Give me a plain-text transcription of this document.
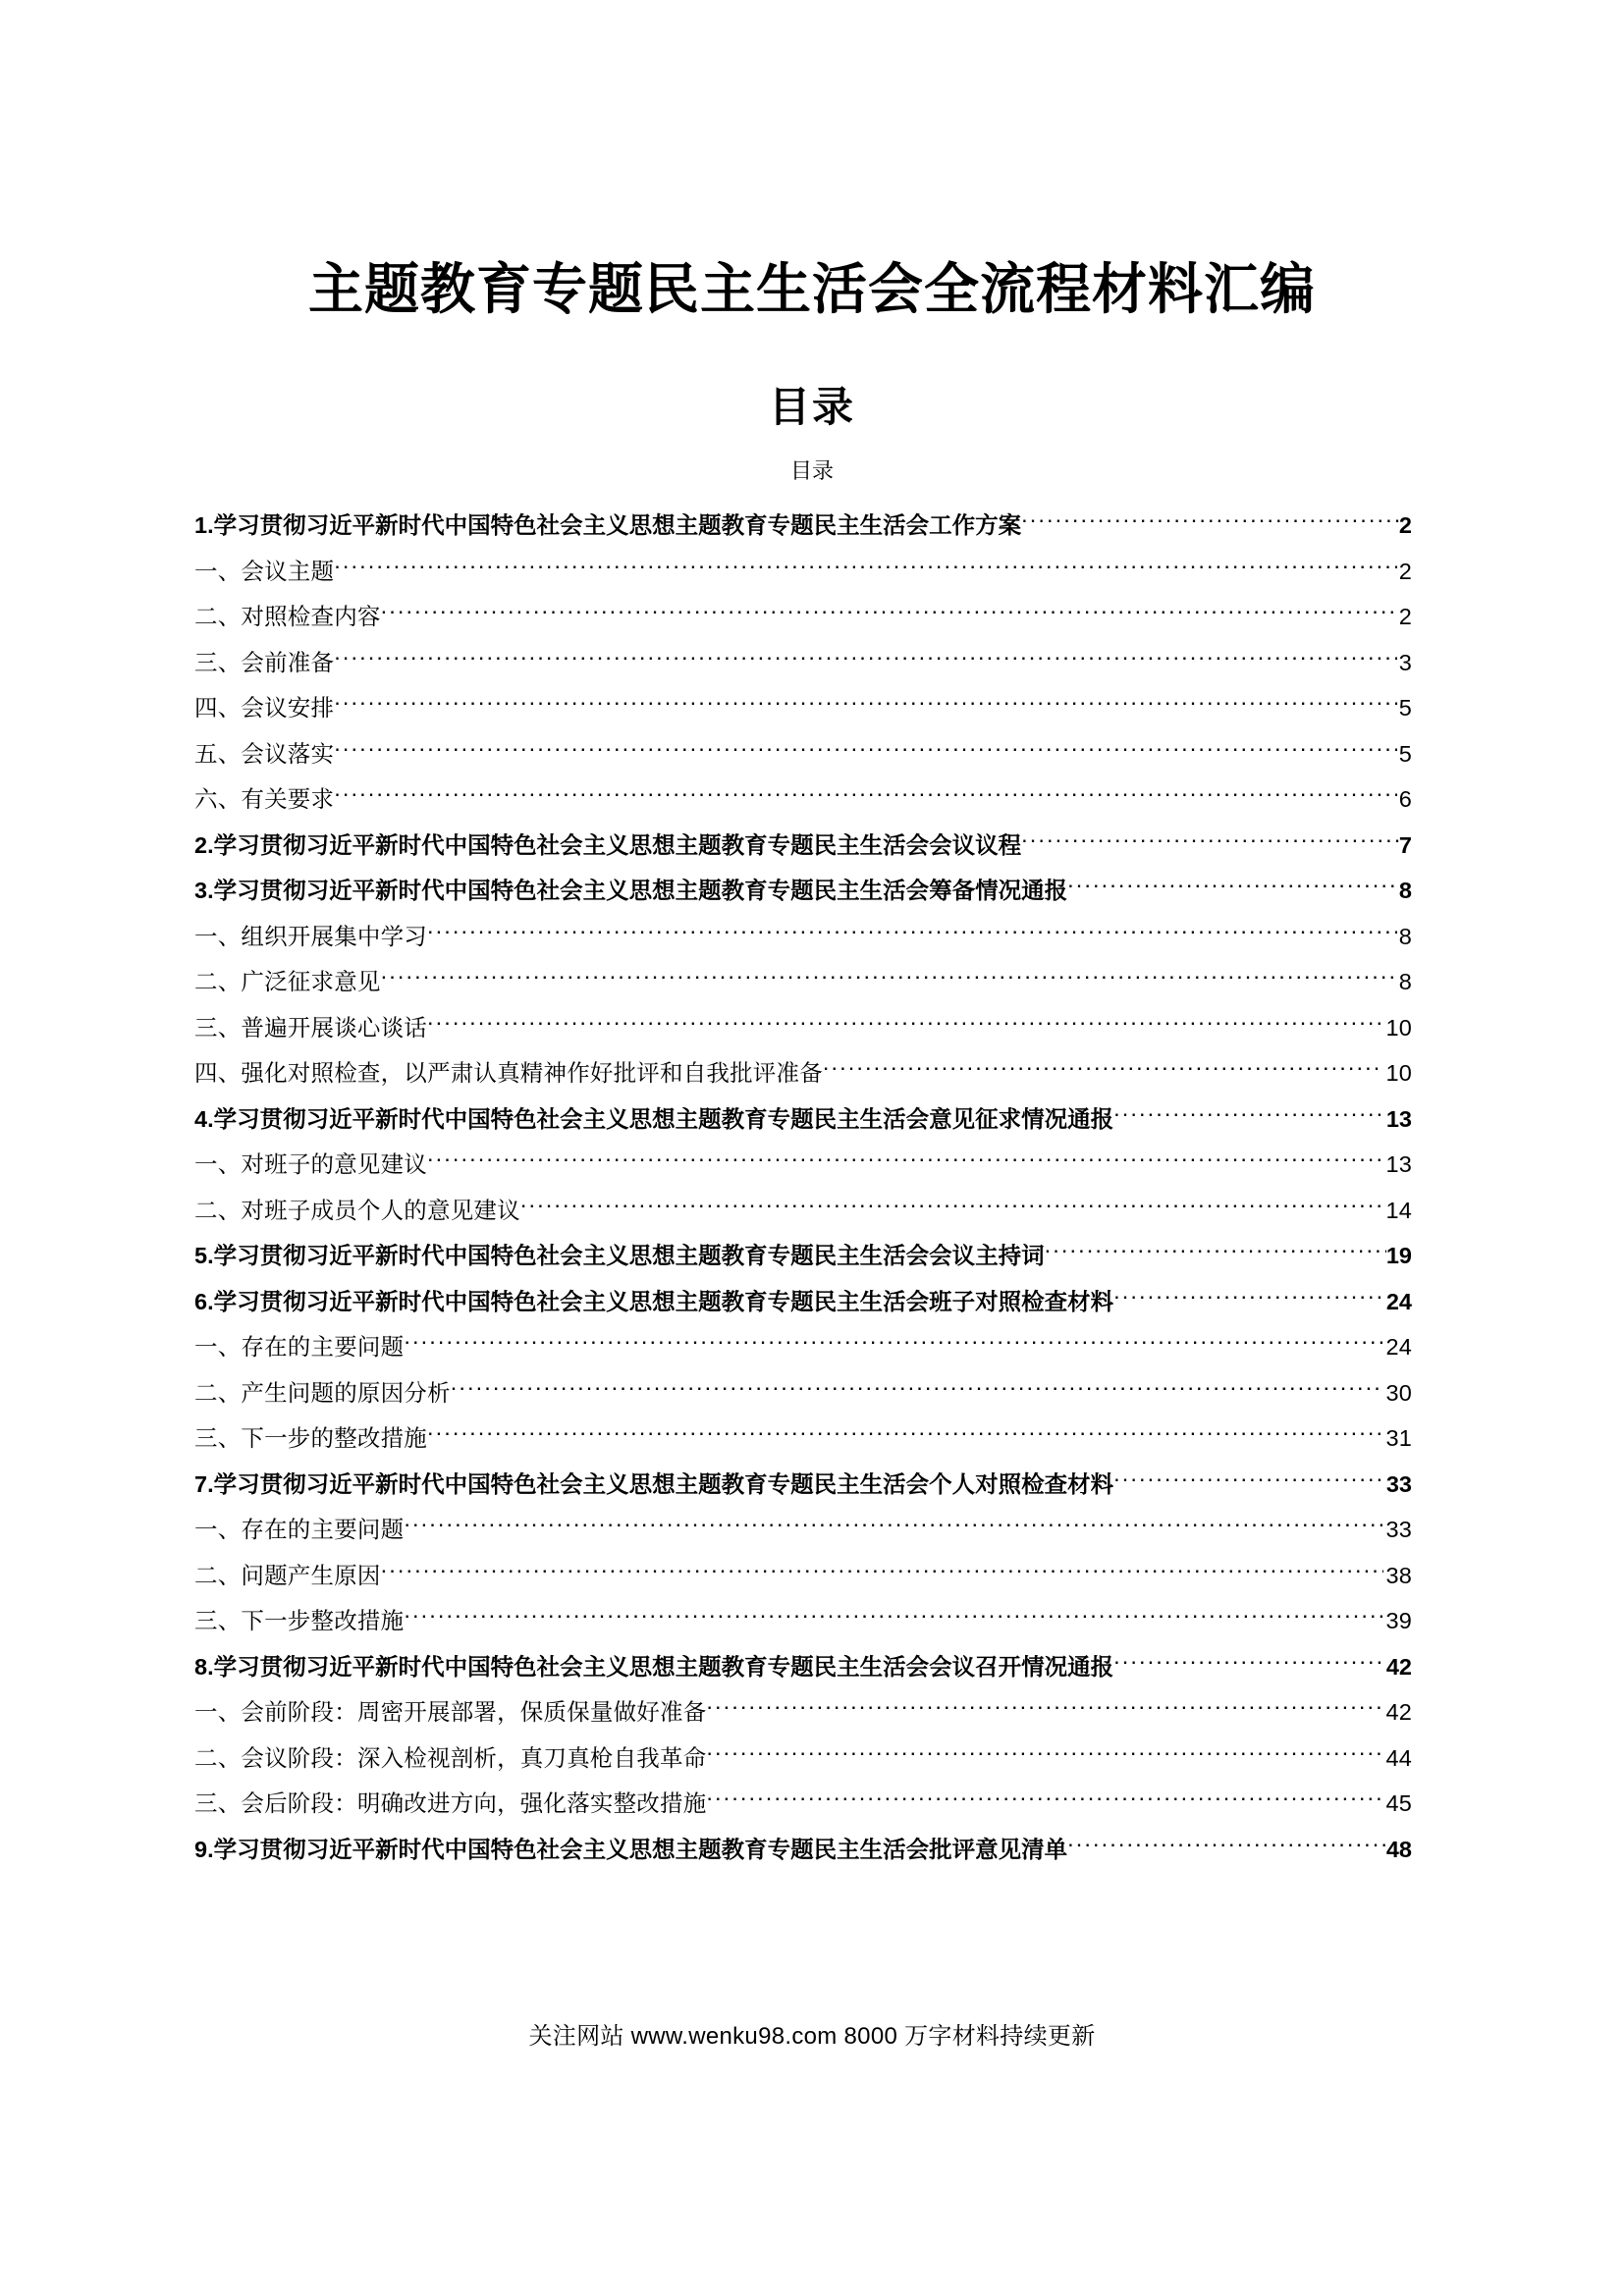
主题教育专题民主生活会全流程材料汇编
目录
目录
1.学习贯彻习近平新时代中国特色社会主义思想主题教育专题民主生活会工作方案 .....	2
一、会议主题 .....	2
二、对照检查内容 .....	2
三、会前准备 .....	3
四、会议安排 .....	5
五、会议落实 .....	5
六、有关要求 .....	6
2.学习贯彻习近平新时代中国特色社会主义思想主题教育专题民主生活会会议议程 .....	7
3.学习贯彻习近平新时代中国特色社会主义思想主题教育专题民主生活会筹备情况通报 .....	8
一、组织开展集中学习 .....	8
二、广泛征求意见 .....	8
三、普遍开展谈心谈话 .....	10
四、强化对照检查，以严肃认真精神作好批评和自我批评准备 .....	10
4.学习贯彻习近平新时代中国特色社会主义思想主题教育专题民主生活会意见征求情况通报 .....	13
一、对班子的意见建议 .....	13
二、对班子成员个人的意见建议 .....	14
5.学习贯彻习近平新时代中国特色社会主义思想主题教育专题民主生活会会议主持词 .....	19
6.学习贯彻习近平新时代中国特色社会主义思想主题教育专题民主生活会班子对照检查材料 .....	24
一、存在的主要问题 .....	24
二、产生问题的原因分析 .....	30
三、下一步的整改措施 .....	31
7.学习贯彻习近平新时代中国特色社会主义思想主题教育专题民主生活会个人对照检查材料 .....	33
一、存在的主要问题 .....	33
二、问题产生原因 .....	38
三、下一步整改措施 .....	39
8.学习贯彻习近平新时代中国特色社会主义思想主题教育专题民主生活会会议召开情况通报 .....	42
一、会前阶段：周密开展部署，保质保量做好准备 .....	42
二、会议阶段：深入检视剖析，真刀真枪自我革命 .....	44
三、会后阶段：明确改进方向，强化落实整改措施 .....	45
9.学习贯彻习近平新时代中国特色社会主义思想主题教育专题民主生活会批评意见清单 .....	48
关注网站 www.wenku98.com 8000 万字材料持续更新
